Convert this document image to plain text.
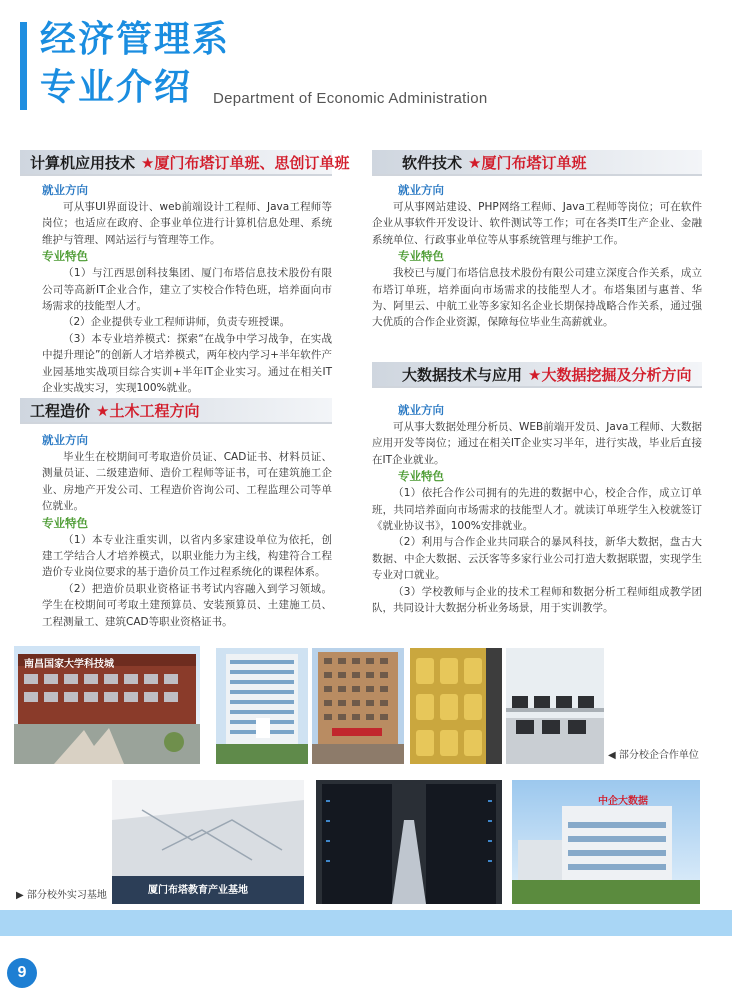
经济管理系
专业介绍 Department of Economic Administration
计算机应用技术 ★厦门布塔订单班、思创订单班
就业方向

可从事UI界面设计、web前端设计工程师、Java工程师等岗位；也适应在政府、企事业单位进行计算机信息处理、系统维护与管理、网站运行与管理等工作。

专业特色

（1）与江西思创科技集团、厦门布塔信息技术股份有限公司等高新IT企业合作，建立了实校合作特色班，培养面向市场需求的技能型人才。

（2）企业提供专业工程师讲师，负责专班授课。

（3）本专业培养模式：探索“在战争中学习战争，在实战中提升理论”的创新人才培养模式，两年校内学习+半年软件产业园基地实战项目综合实训+半年IT企业实习。通过在相关IT企业实战实习，实现100%就业。

工程造价 ★土木工程方向
就业方向

毕业生在校期间可考取造价员证、CAD证书、材料员证、测量员证、二级建造师、造价工程师等证书，可在建筑施工企业、房地产开发公司、工程造价咨询公司、工程监理公司等单位就业。

专业特色

（1）本专业注重实训，以省内多家建设单位为依托，创建工学结合人才培养模式，以职业能力为主线，构建符合工程造价专业岗位要求的基于造价员工作过程系统化的课程体系。

（2）把造价员职业资格证书考试内容融入到学习领域。学生在校期间可考取土建预算员、安装预算员、土建施工员、工程测量工、建筑CAD等职业资格证书。

软件技术 ★厦门布塔订单班
就业方向

可从事网站建设、PHP网络工程师、Java工程师等岗位；可在软件企业从事软件开发设计、软件测试等工作；可在各类IT生产企业、金融系统单位、行政事业单位等从事系统管理与维护工作。

专业特色

我校已与厦门布塔信息技术股份有限公司建立深度合作关系，成立布塔订单班，培养面向市场需求的技能型人才。布塔集团与惠普、华为、阿里云、中航工业等多家知名企业长期保持战略合作关系，通过强大优质的合作企业资源，保障每位毕业生高薪就业。

大数据技术与应用 ★大数据挖掘及分析方向
就业方向

可从事大数据处理分析员、WEB前端开发员、Java工程师、大数据应用开发等岗位；通过在相关IT企业实习半年，进行实战，毕业后直接在IT企业就业。

专业特色

（1）依托合作公司拥有的先进的数据中心，校企合作，成立订单班，共同培养面向市场需求的技能型人才。就读订单班学生入校就签订《就业协议书》，100%安排就业。

（2）利用与合作企业共同联合的暴风科技，新华大数据，盘古大数据、中企大数据、云沃客等多家行业公司打造大数据联盟，实现学生专业对口就业。

（3）学校教师与企业的技术工程师和数据分析工程师组成教学团队，共同设计大数据分析业务场景，用于实训教学。

南昌国家大学科技城
◀ 部分校企合作单位
▶ 部分校外实习基地	厦门布塔教育产业基地
中企大数据
9
